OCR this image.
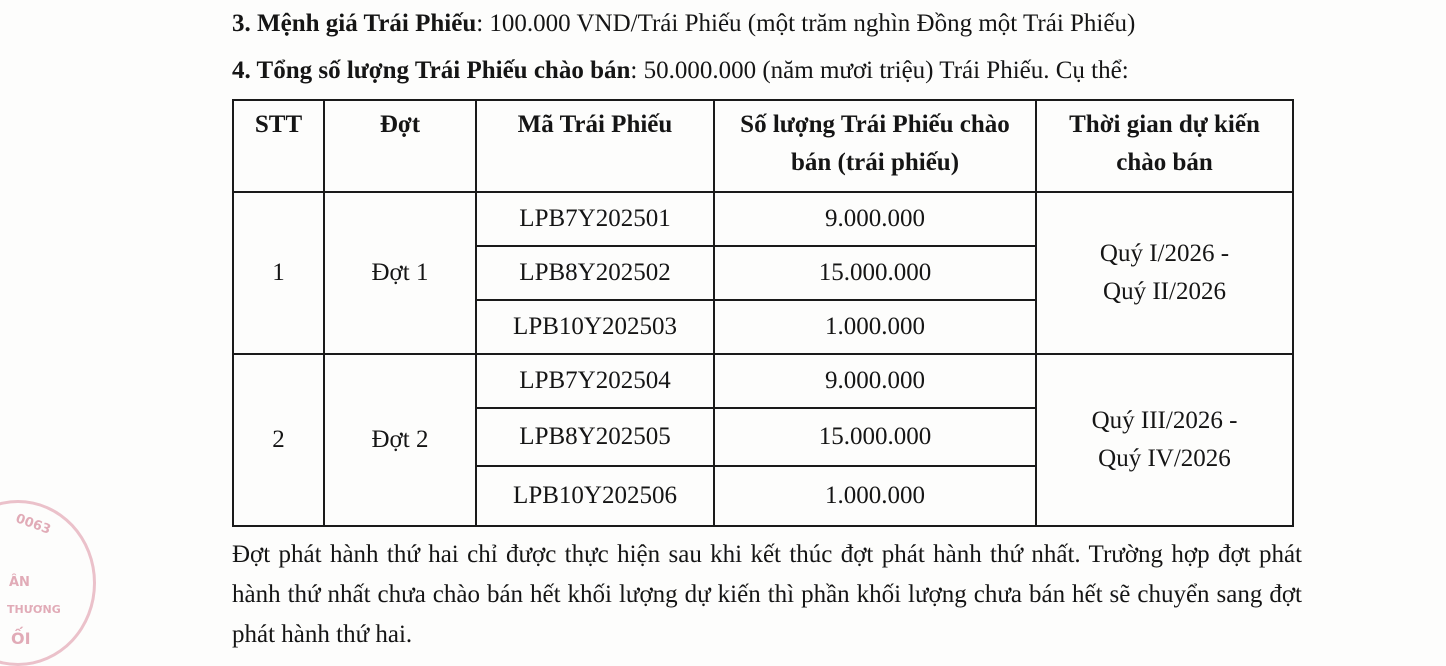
3. Mệnh giá Trái Phiếu: 100.000 VND/Trái Phiếu (một trăm nghìn Đồng một Trái Phiếu)
4. Tổng số lượng Trái Phiếu chào bán: 50.000.000 (năm mươi triệu) Trái Phiếu. Cụ thể:
STT	Đợt	Mã Trái Phiếu	Số lượng Trái Phiếu chào bán (trái phiếu)	Thời gian dự kiến chào bán
1	Đợt 1	LPB7Y202501	9.000.000	Quý I/2026 - Quý II/2026
		LPB8Y202502	15.000.000	
		LPB10Y202503	1.000.000	
2	Đợt 2	LPB7Y202504	9.000.000	Quý III/2026 - Quý IV/2026
		LPB8Y202505	15.000.000	
		LPB10Y202506	1.000.000	
Đợt phát hành thứ hai chỉ được thực hiện sau khi kết thúc đợt phát hành thứ nhất. Trường hợp đợt phát hành thứ nhất chưa chào bán hết khối lượng dự kiến thì phần khối lượng chưa bán hết sẽ chuyển sang đợt phát hành thứ hai.
0063
ÂN
THƯƠNG
ỐI
